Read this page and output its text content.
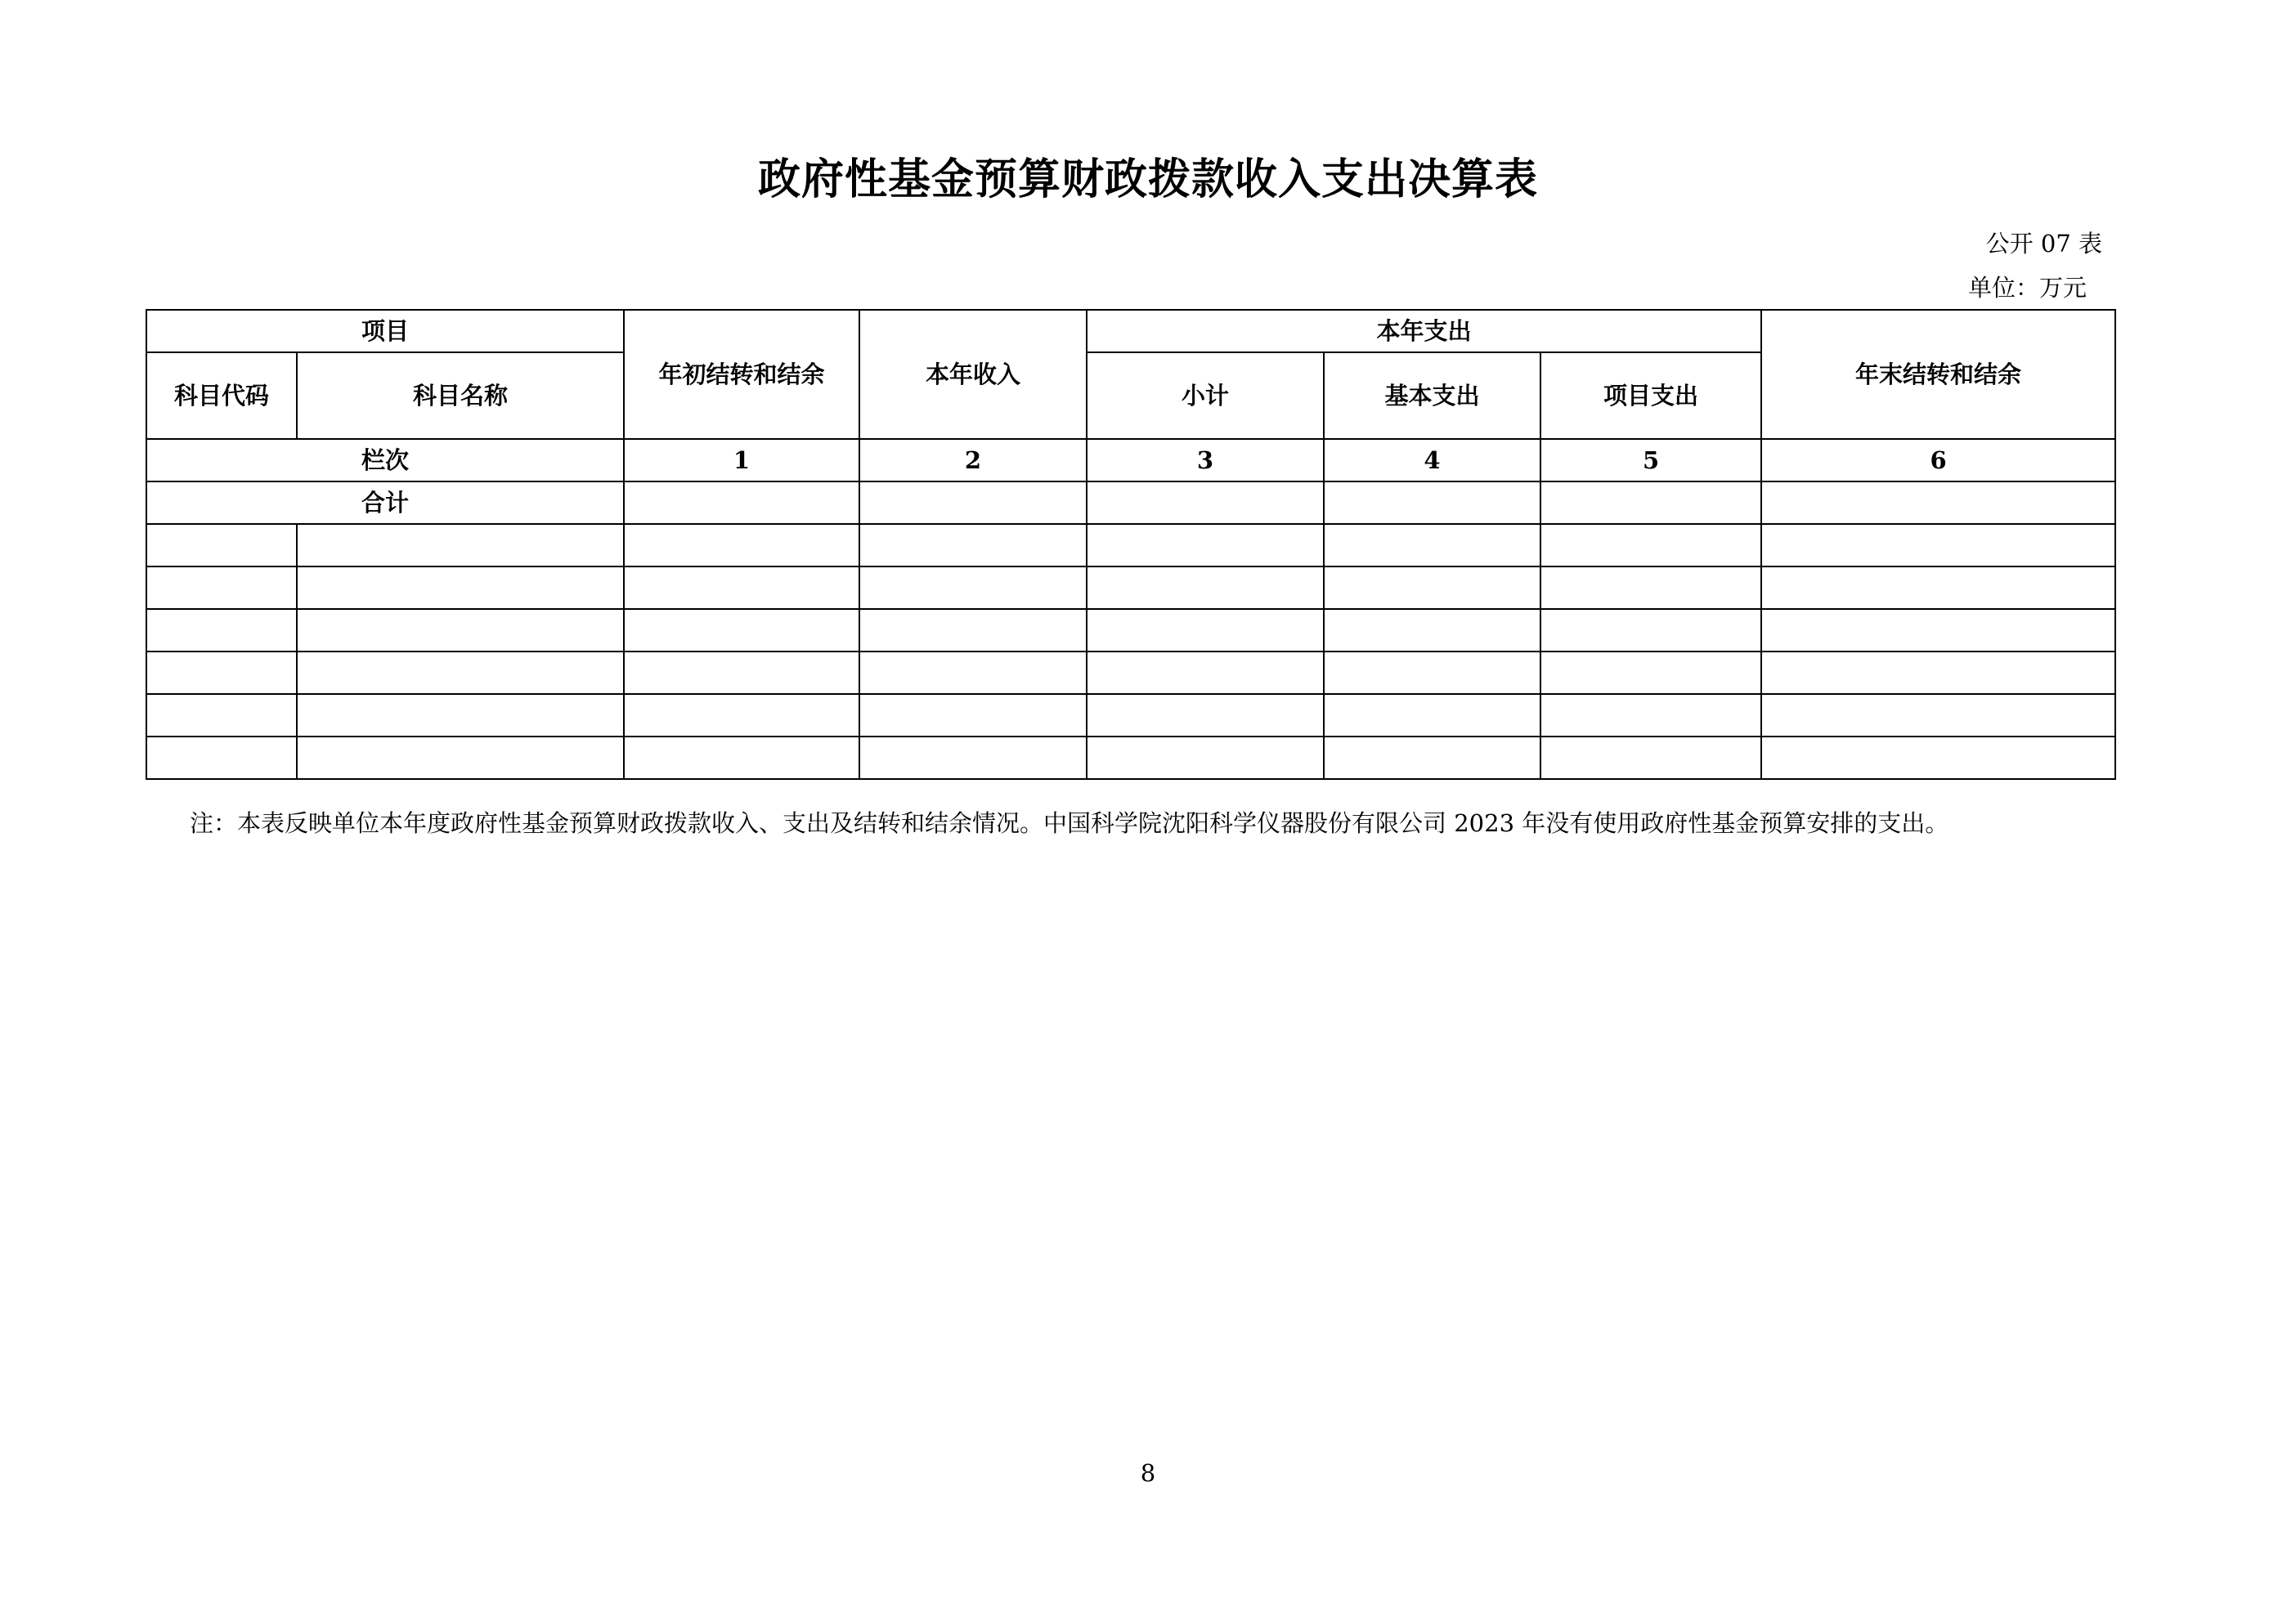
政府性基金预算财政拨款收入支出决算表
公开 07 表
单位：万元
项目		年初结转和结余	本年收入	本年支出			年末结转和结余
科目代码	科目名称			小计	基本支出	项目支出	
栏次		1	2	3	4	5	6
合计							

注：本表反映单位本年度政府性基金预算财政拨款收入、支出及结转和结余情况。中国科学院沈阳科学仪器股份有限公司 2023 年没有使用政府性基金预算安排的支出。
8
